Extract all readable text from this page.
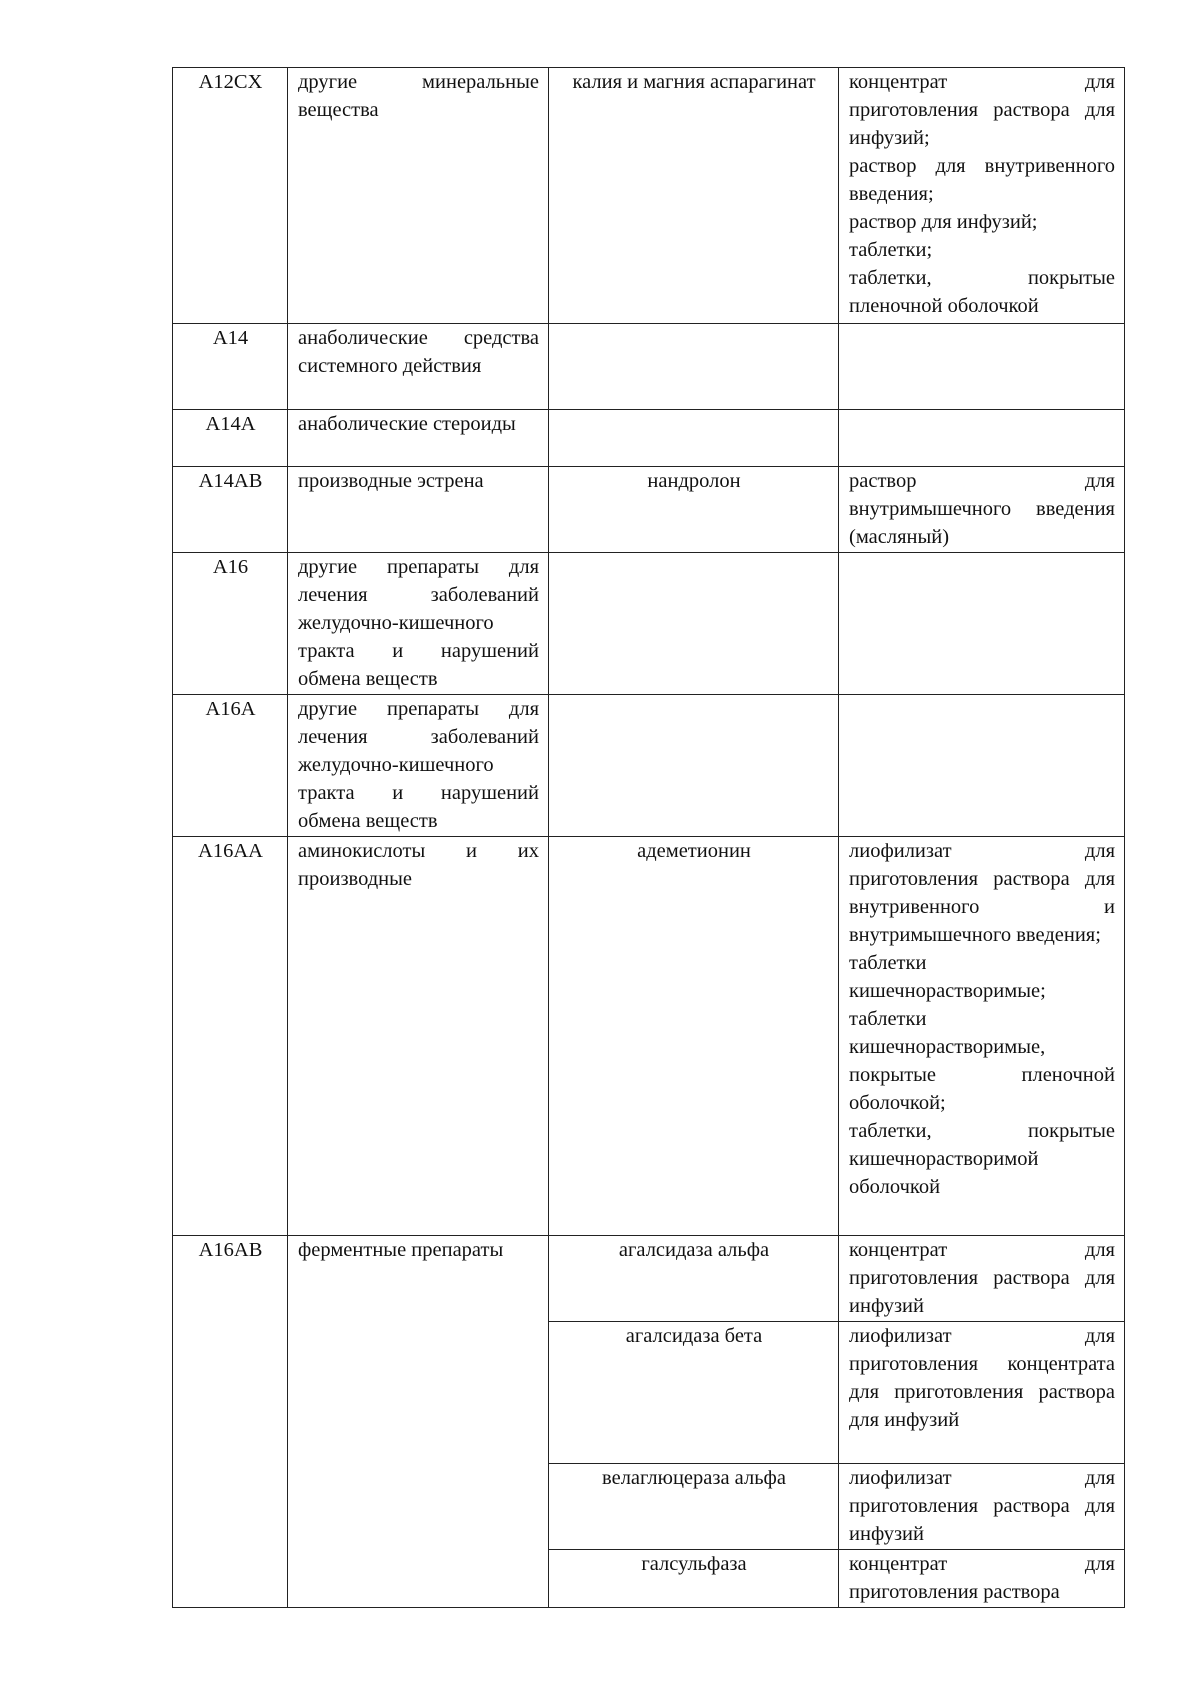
A12CX	другие минеральные вещества	калия и магния аспарагинат	концентрат для приготовления раствора для инфузий;
раствор для внутривенного введения;
раствор для инфузий;
таблетки;
таблетки, покрытые пленочной оболочкой

A14	анаболические средства системного действия		
A14A	анаболические стероиды		
A14AB	производные эстрена	нандролон	раствор для внутримышечного введения (масляный)

A16	другие препараты для лечения заболеваний желудочно-кишечного тракта и нарушений обмена веществ		
A16A	другие препараты для лечения заболеваний желудочно-кишечного тракта и нарушений обмена веществ		
A16AA	аминокислоты и их производные	адеметионин	лиофилизат для приготовления раствора для внутривенного и внутримышечного введения;
таблетки кишечнорастворимые;
таблетки кишечнорастворимые, покрытые пленочной оболочкой;
таблетки, покрытые кишечнорастворимой оболочкой

A16AB	ферментные препараты	агалсидаза альфа	концентрат для приготовления раствора для инфузий

		агалсидаза бета	лиофилизат для приготовления концентрата для приготовления раствора для инфузий

		велаглюцераза альфа	лиофилизат для приготовления раствора для инфузий

		галсульфаза	концентрат для приготовления раствора
